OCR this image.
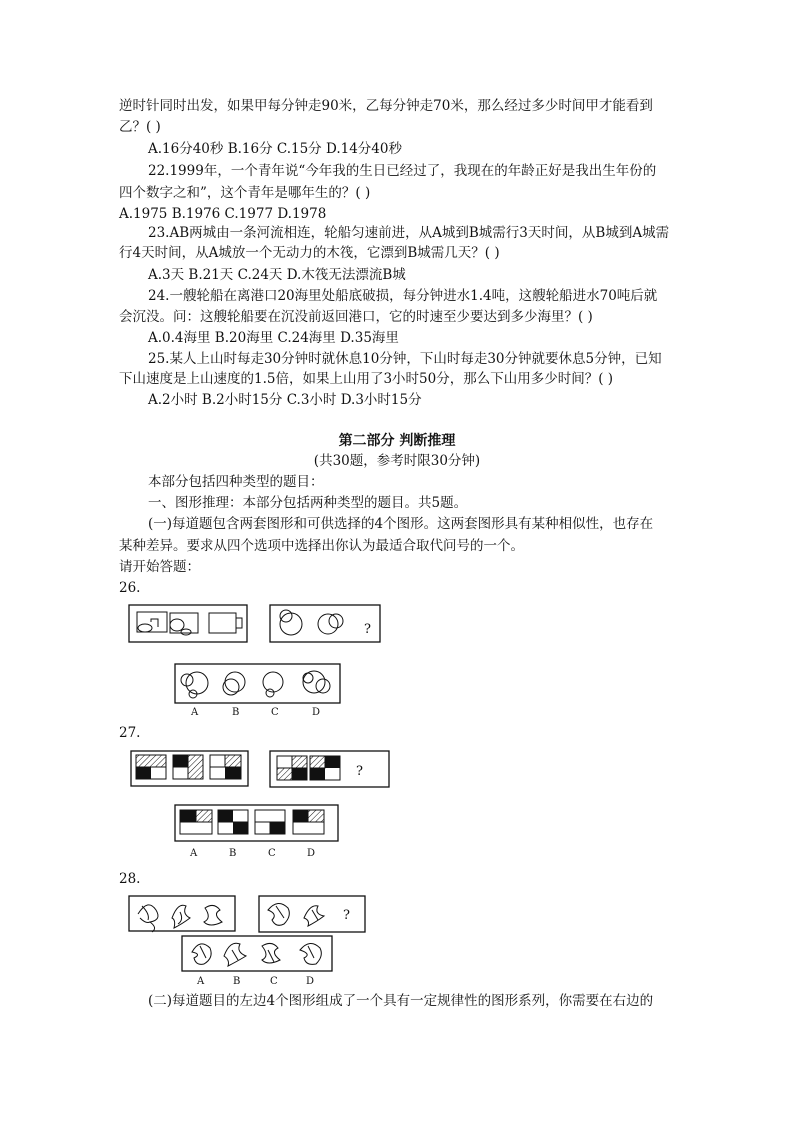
逆时针同时出发，如果甲每分钟走90米，乙每分钟走70米，那么经过多少时间甲才能看到
乙？( )
A.16分40秒 B.16分 C.15分 D.14分40秒
22.1999年，一个青年说“今年我的生日已经过了，我现在的年龄正好是我出生年份的
四个数字之和”，这个青年是哪年生的？( )
A.1975 B.1976 C.1977 D.1978
23.AB两城由一条河流相连，轮船匀速前进，从A城到B城需行3天时间，从B城到A城需
行4天时间，从A城放一个无动力的木筏，它漂到B城需几天？( )
A.3天 B.21天 C.24天 D.木筏无法漂流B城
24.一艘轮船在离港口20海里处船底破损，每分钟进水1.4吨，这艘轮船进水70吨后就
会沉没。问：这艘轮船要在沉没前返回港口，它的时速至少要达到多少海里？( )
A.0.4海里 B.20海里 C.24海里 D.35海里
25.某人上山时每走30分钟时就休息10分钟，下山时每走30分钟就要休息5分钟，已知
下山速度是上山速度的1.5倍，如果上山用了3小时50分，那么下山用多少时间？( )
A.2小时 B.2小时15分 C.3小时 D.3小时15分
第二部分 判断推理
(共30题，参考时限30分钟)
本部分包括四种类型的题目：
一、图形推理：本部分包括两种类型的题目。共5题。
(一)每道题包含两套图形和可供选择的4个图形。这两套图形具有某种相似性，也存在
某种差异。要求从四个选项中选择出你认为最适合取代问号的一个。
请开始答题：
26.
?
A	B	C	D
27.
?
A	B	C	D
28.
?
A	B	C	D
(二)每道题目的左边4个图形组成了一个具有一定规律性的图形系列，你需要在右边的
